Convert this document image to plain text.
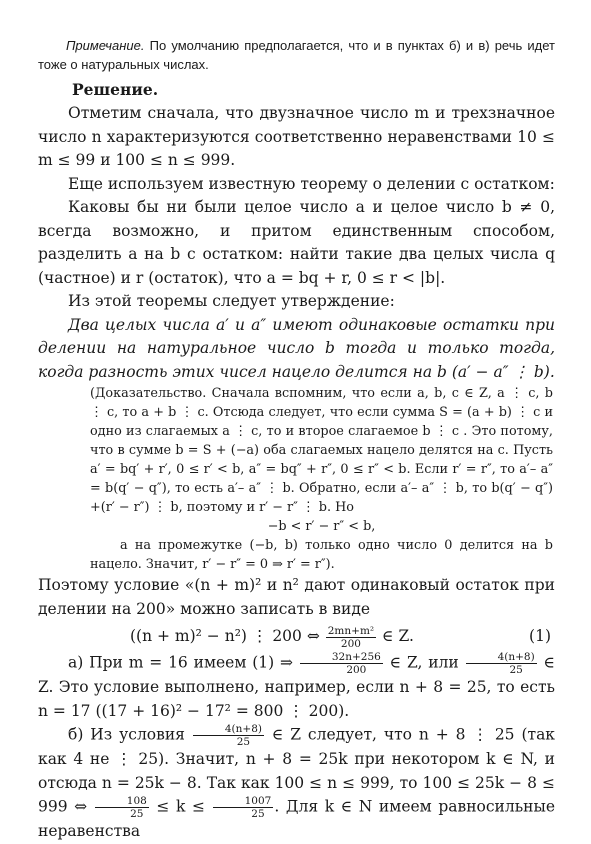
Примечание. По умолчанию предполагается, что и в пунктах б) и в) речь идет тоже о натуральных числах.

Решение.

Отметим сначала, что двузначное число m и трехзначное число n характеризуются соответственно неравенствами 10 ≤ m ≤ 99 и 100 ≤ n ≤ 999.

Еще используем известную теорему о делении с остатком:

Каковы бы ни были целое число a и целое число b ≠ 0, всегда возможно, и притом единственным способом, разделить a на b с остатком: найти такие два целых числа q (частное) и r (остаток), что a = bq + r, 0 ≤ r < |b|.

Из этой теоремы следует утверждение:

Два целых числа a′ и a″ имеют одинаковые остатки при делении на натуральное число b тогда и только тогда, когда разность этих чисел нацело делится на b (a′ − a″ ⋮ b).

(Доказательство. Сначала вспомним, что если a, b, c ∈ Z, a ⋮ c, b ⋮ c, то a + b ⋮ c. Отсюда следует, что если сумма S = (a + b) ⋮ c и одно из слагаемых a ⋮ c, то и второе слагаемое b ⋮ c . Это потому, что в сумме b = S + (−a) оба слагаемых нацело делятся на c. Пусть a′ = bq′ + r′, 0 ≤ r′ < b, a″ = bq″ + r″, 0 ≤ r″ < b. Если r′ = r″, то a′– a″ = b(q′ − q″), то есть a′– a″ ⋮ b. Обратно, если a′– a″ ⋮ b, то b(q′ − q″) +(r′ − r″) ⋮ b, поэтому и r′ − r″ ⋮ b. Но

−b < r′ − r″ < b,

а на промежутке (−b, b) только одно число 0 делится на b нацело. Значит, r′ − r″ = 0 ⇒ r′ = r″).

Поэтому условие «(n + m)² и n² дают одинаковый остаток при делении на 200» можно записать в виде

((n + m)² − n²) ⋮ 200 ⇔ $\frac{\text{2mn+m²}}{200}$ ∈ Z.	(1)

а) При m = 16 имеем (1) ⇒ $\frac{32n+256}{200}$ ∈ Z, или $\frac{4(n+8)}{25}$ ∈ Z. Это условие выполнено, например, если n + 8 = 25, то есть n = 17 ((17 + 16)² − 17² = 800 ⋮ 200).

б) Из условия $\frac{4(n+8)}{25}$ ∈ Z следует, что n + 8 ⋮ 25 (так как 4 не ⋮ 25). Значит, n + 8 = 25k при некотором k ∈ N, и отсюда n = 25k − 8. Так как 100 ≤ n ≤ 999, то 100 ≤ 25k − 8 ≤ 999 ⇔ $\frac{108}{25} \le k \le \frac{1007}{25}$ . Для k ∈ N имеем равносильные неравенства
